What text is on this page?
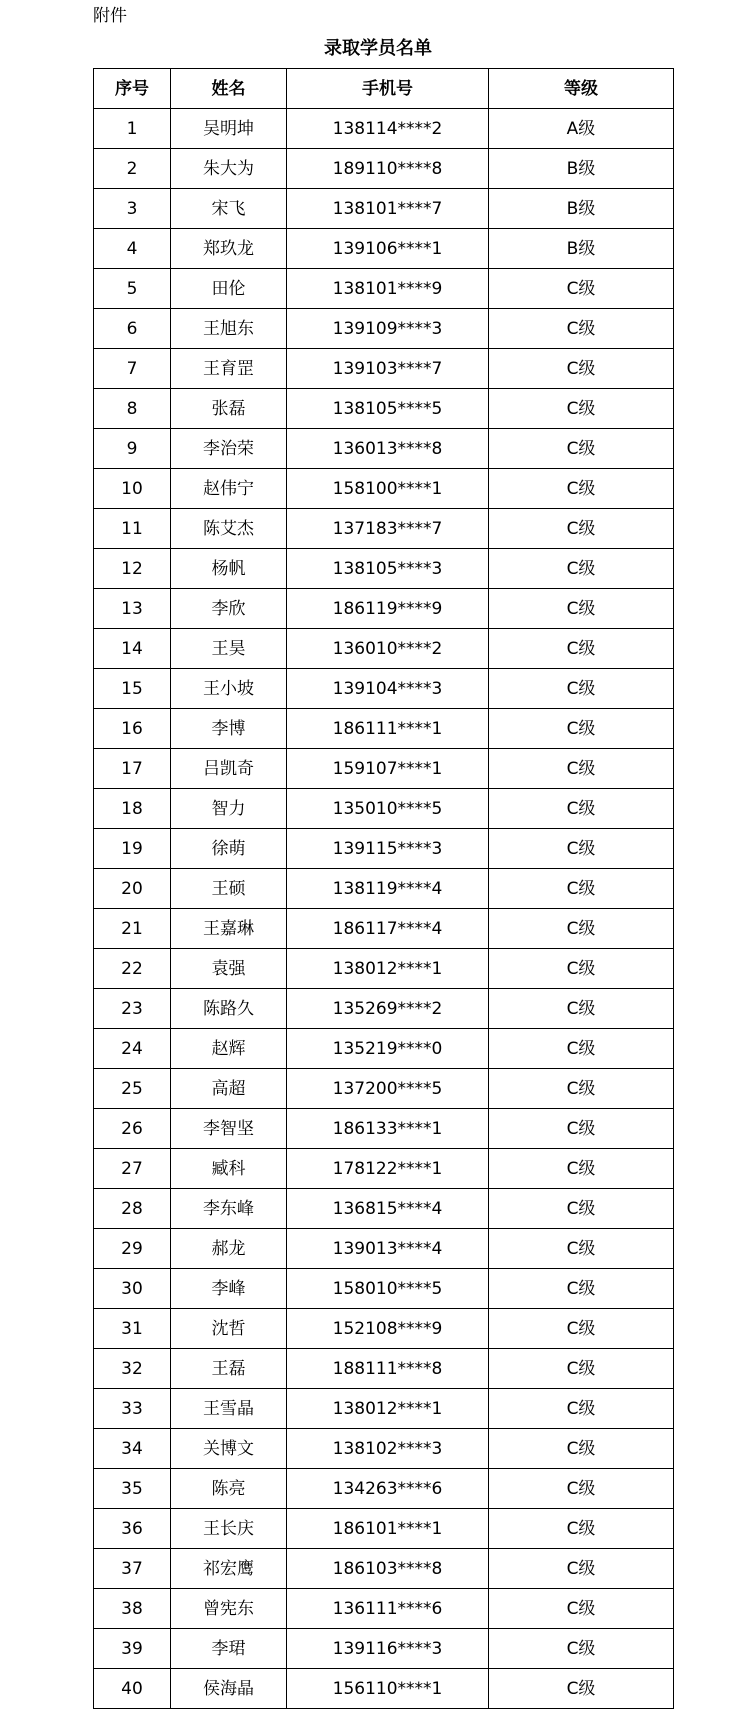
附件
录取学员名单
序号	姓名	手机号	等级
1	吴明坤	138114****2	A级
2	朱大为	189110****8	B级
3	宋飞	138101****7	B级
4	郑玖龙	139106****1	B级
5	田伦	138101****9	C级
6	王旭东	139109****3	C级
7	王育罡	139103****7	C级
8	张磊	138105****5	C级
9	李治荣	136013****8	C级
10	赵伟宁	158100****1	C级
11	陈艾杰	137183****7	C级
12	杨帆	138105****3	C级
13	李欣	186119****9	C级
14	王昊	136010****2	C级
15	王小坡	139104****3	C级
16	李博	186111****1	C级
17	吕凯奇	159107****1	C级
18	智力	135010****5	C级
19	徐萌	139115****3	C级
20	王硕	138119****4	C级
21	王嘉琳	186117****4	C级
22	袁强	138012****1	C级
23	陈路久	135269****2	C级
24	赵辉	135219****0	C级
25	高超	137200****5	C级
26	李智坚	186133****1	C级
27	臧科	178122****1	C级
28	李东峰	136815****4	C级
29	郝龙	139013****4	C级
30	李峰	158010****5	C级
31	沈哲	152108****9	C级
32	王磊	188111****8	C级
33	王雪晶	138012****1	C级
34	关博文	138102****3	C级
35	陈亮	134263****6	C级
36	王长庆	186101****1	C级
37	祁宏鹰	186103****8	C级
38	曾宪东	136111****6	C级
39	李珺	139116****3	C级
40	侯海晶	156110****1	C级
